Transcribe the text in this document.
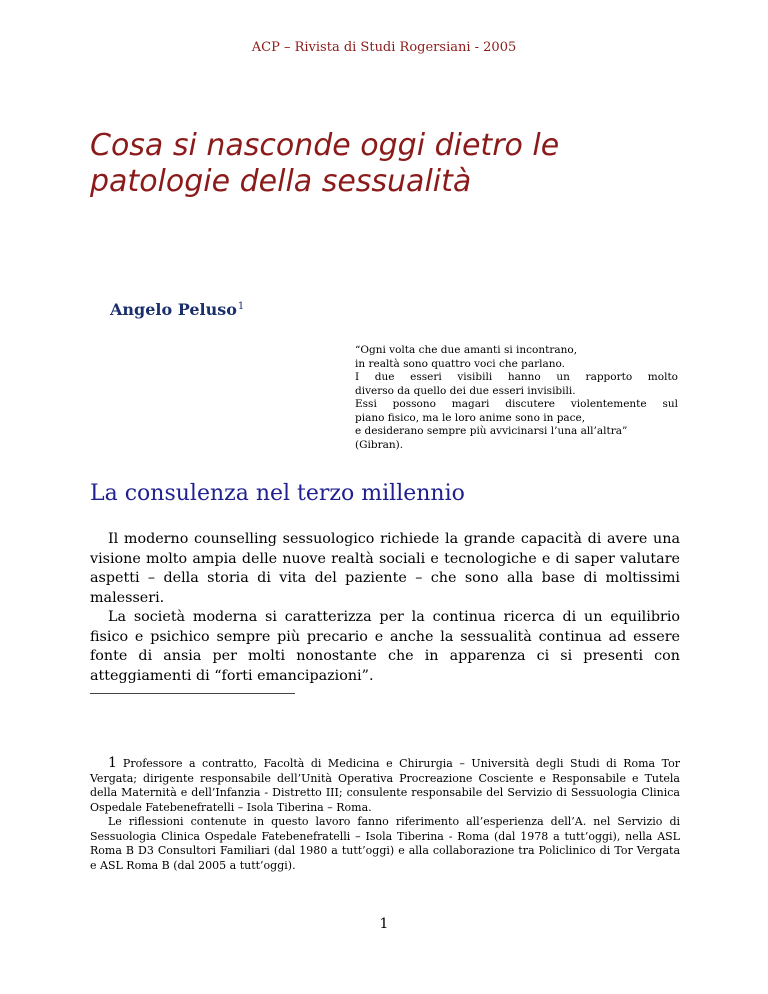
ACP – Rivista di Studi Rogersiani - 2005
Cosa si nasconde oggi dietro le patologie della sessualità
Angelo Peluso$^1$
“Ogni volta che due amanti si incontrano,
in realtà sono quattro voci che parlano.
I due esseri visibili hanno un rapporto molto
diverso da quello dei due esseri invisibili.
Essi possono magari discutere violentemente sul
piano fisico, ma le loro anime sono in pace,
e desiderano sempre più avvicinarsi l’una all’altra”
(Gibran).
La consulenza nel terzo millennio

Il moderno counselling sessuologico richiede la grande capacità di avere una visione molto ampia delle nuove realtà sociali e tecnologiche e di saper valutare aspetti – della storia di vita del paziente – che sono alla base di moltissimi malesseri.

La società moderna si caratterizza per la continua ricerca di un equilibrio fisico e psichico sempre più precario e anche la sessualità continua ad essere fonte di ansia per molti nonostante che in apparenza ci si presenti con atteggiamenti di “forti emancipazioni”.

1 Professore a contratto, Facoltà di Medicina e Chirurgia – Università degli Studi di Roma Tor Vergata; dirigente responsabile dell’Unità Operativa Procreazione Cosciente e Responsabile e Tutela della Maternità e dell’Infanzia - Distretto III; consulente responsabile del Servizio di Sessuologia Clinica Ospedale Fatebenefratelli – Isola Tiberina – Roma.

Le riflessioni contenute in questo lavoro fanno riferimento all’esperienza dell’A. nel Servizio di Sessuologia Clinica Ospedale Fatebenefratelli – Isola Tiberina - Roma (dal 1978 a tutt’oggi), nella ASL Roma B D3 Consultori Familiari (dal 1980 a tutt’oggi) e alla collaborazione tra Policlinico di Tor Vergata e ASL Roma B (dal 2005 a tutt’oggi).

1
